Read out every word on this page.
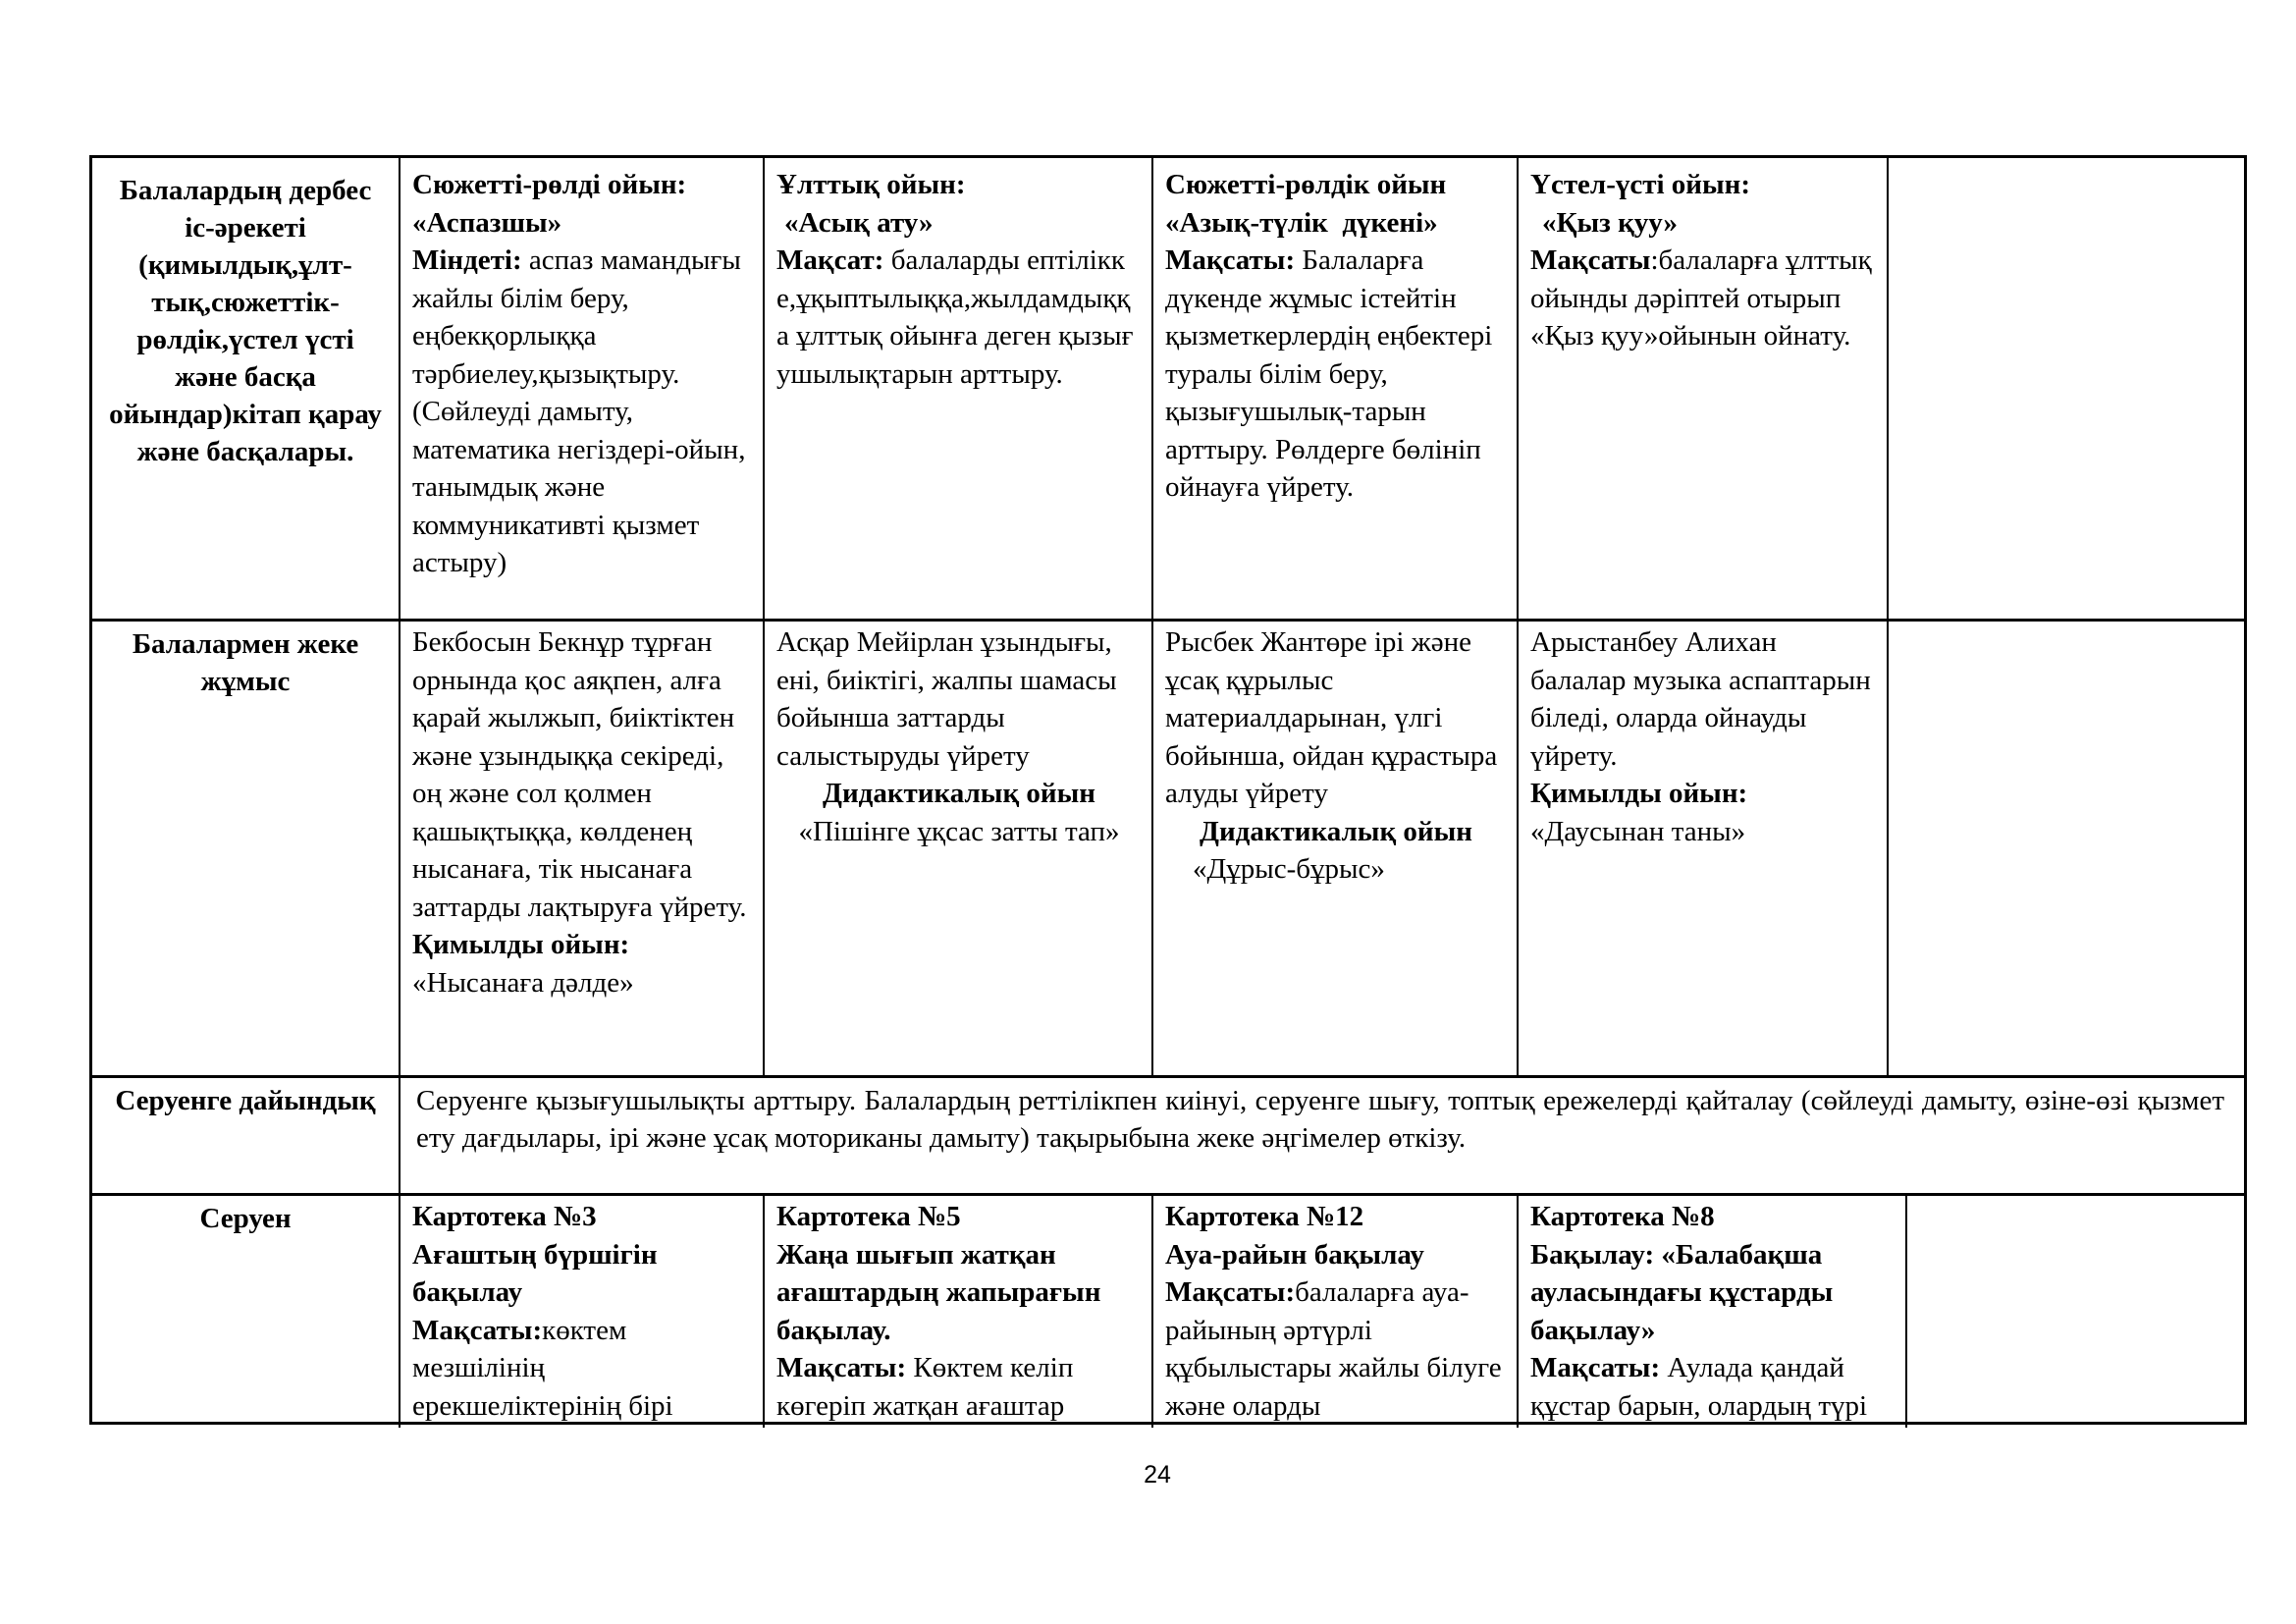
Балалардың дербес іс-әрекеті (қимылдық,ұлт-тық,сюжеттік-рөлдік,үстел үсті және басқа ойындар)кітап қарау және басқалары.

Сюжетті-рөлді ойын:

«Аспазшы»

Міндеті: аспаз мамандығы жайлы білім беру, еңбекқорлыққа тәрбиелеу,қызықтыру. (Сөйлеуді дамыту, математика негіздері-ойын, танымдық және коммуникативті қызмет астыру)

Ұлттық ойын:

«Асық ату»

Мақсат: балаларды ептілікке,ұқыптылыққа,жылдамдыққа ұлттық ойынға деген қызығушылықтарын арттыру.

Сюжетті-рөлдік ойын

«Азық-түлік  дүкені»

Мақсаты: Балаларға дүкенде жұмыс істейтін қызметкерлердің еңбектері туралы білім беру, қызығушылық-тарын арттыру. Рөлдерге бөлініп ойнауға үйрету.

Үстел-үсті ойын:

«Қыз қуу»

Мақсаты:балаларға ұлттық ойынды дәріптей отырып «Қыз қуу»ойынын ойнату.

Балалармен жеке жұмыс

Бекбосын Бекнұр тұрған орнында қос аяқпен, алға қарай жылжып, биіктіктен және ұзындыққа секіреді, оң және сол қолмен қашықтыққа, көлденең нысанаға, тік нысанаға заттарды лақтыруға үйрету.

Қимылды ойын:

«Нысанаға дәлде»

Асқар Мейірлан ұзындығы, ені, биіктігі, жалпы шамасы бойынша заттарды салыстыруды үйрету

Дидактикалық ойын

«Пішінге ұқсас затты тап»

Рысбек Жантөре ірі және ұсақ құрылыс материалдарынан, үлгі бойынша, ойдан құрастыра алуды үйрету

Дидактикалық ойын

«Дұрыс-бұрыс»

Арыстанбеу Алихан балалар музыка аспаптарын біледі, оларда ойнауды үйрету.

Қимылды ойын:

«Даусынан таны»

Серуенге дайындық	Серуенге қызығушылықты арттыру. Балалардың реттілікпен киінуі, серуенге шығу, топтық ережелерді қайталау (сөйлеуді дамыту, өзіне-өзі қызмет ету дағдылары, ірі және ұсақ моториканы дамыту) тақырыбына жеке әңгімелер өткізу.
Серуен	Картотека №3

Ағаштың бүршігін бақылау

Мақсаты:көктем мезшілінің ерекшеліктерінің бірі

Картотека №5

Жаңа шығып жатқан ағаштардың жапырағын бақылау.

Мақсаты: Көктем келіп көгеріп жатқан ағаштар

Картотека №12

Ауа-райын бақылау

Мақсаты:балаларға ауа-райының әртүрлі құбылыстары жайлы білуге және оларды

Картотека №8

Бақылау: «Балабақша ауласындағы құстарды бақылау»

Мақсаты: Аулада қандай құстар барын, олардың түрі

24
